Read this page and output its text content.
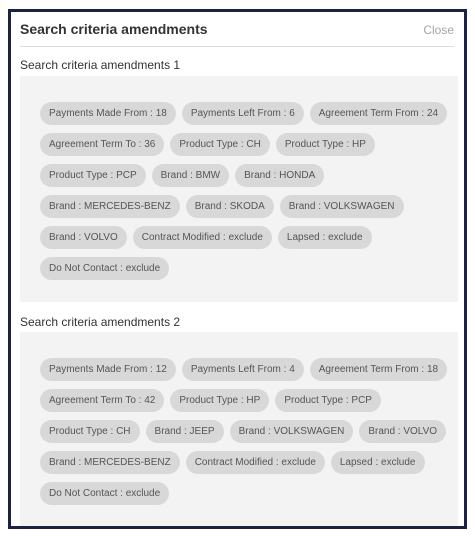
Search criteria amendments	Close
Search criteria amendments 1
Payments Made From : 18	Payments Left From : 6	Agreement Term From : 24
Agreement Term To : 36	Product Type : CH	Product Type : HP
Product Type : PCP	Brand : BMW	Brand : HONDA
Brand : MERCEDES-BENZ	Brand : SKODA	Brand : VOLKSWAGEN
Brand : VOLVO	Contract Modified : exclude	Lapsed : exclude
Do Not Contact : exclude
Search criteria amendments 2
Payments Made From : 12	Payments Left From : 4	Agreement Term From : 18
Agreement Term To : 42	Product Type : HP	Product Type : PCP
Product Type : CH	Brand : JEEP	Brand : VOLKSWAGEN	Brand : VOLVO
Brand : MERCEDES-BENZ	Contract Modified : exclude	Lapsed : exclude
Do Not Contact : exclude
